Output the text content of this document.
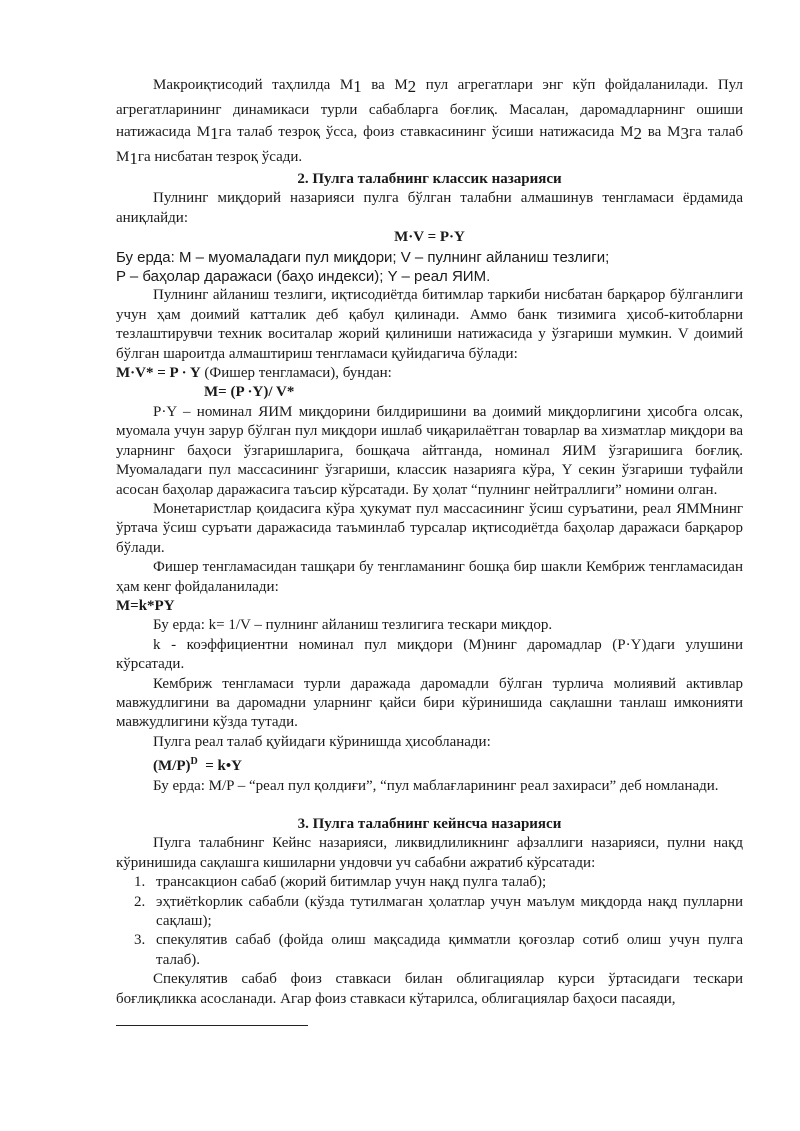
Макроиқтисодий таҳлилда M1 ва M2 пул агрегатлари энг кўп фойдаланилади. Пул агрегатларининг динамикаси турли сабабларга боғлиқ. Масалан, даромадларнинг ошиши натижасида M1га талаб тезроқ ўсса, фоиз ставкасининг ўсиши натижасида M2 ва M3га талаб M1га нисбатан тезроқ ўсади.

2. Пулга талабнинг классик назарияси

Пулнинг миқдорий назарияси пулга бўлган талабни алмашинув тенгламаси ёрдамида аниқлайди:

M·V = P·Y

Бу ерда: M – муомаладаги пул миқдори; V – пулнинг айланиш тезлиги;

P – баҳолар даражаси (баҳо индекси); Y – реал ЯИМ.

Пулнинг айланиш тезлиги, иқтисодиётда битимлар таркиби нисбатан барқарор бўлганлиги учун ҳам доимий катталик деб қабул қилинади. Аммо банк тизимига ҳисоб-китобларни тезлаштирувчи техник воситалар жорий қилиниши натижасида у ўзгариши мумкин. V доимий бўлган шароитда алмаштириш тенгламаси қуйидагича бўлади:

M·V* = P · Y (Фишер тенгламаси), бундан:

M= (P ·Y)/ V*

P·Y – номинал ЯИМ миқдорини билдиришини ва доимий миқдорлигини ҳисобга олсак, муомала учун зарур бўлган пул миқдори ишлаб чиқарилаётган товарлар ва хизматлар миқдори ва уларнинг баҳоси ўзгаришларига, бошқача айтганда, номинал ЯИМ ўзгаришига боғлиқ. Муомаладаги пул массасининг ўзгариши, классик назарияга кўра, Y секин ўзгариши туфайли асосан баҳолар даражасига таъсир кўрсатади. Бу ҳолат “пулнинг нейтраллиги” номини олган.

Монетаристлар қоидасига кўра ҳукумат пул массасининг ўсиш суръатини, реал ЯММнинг ўртача ўсиш суръати даражасида таъминлаб турсалар иқтисодиётда баҳолар даражаси барқарор бўлади.

Фишер тенгламасидан ташқари бу тенгламанинг бошқа бир шакли Кембриж тенгламасидан ҳам кенг фойдаланилади:

M=k*PY

Бу ерда: k= 1/V – пулнинг айланиш тезлигига тескари миқдор.

k - коэффициентни номинал пул миқдори (M)нинг даромадлар (P·Y)даги улушини кўрсатади.

Кембриж тенгламаси турли даражада даромадли бўлган турлича молиявий активлар мавжудлигини ва даромадни уларнинг қайси бири кўринишида сақлашни танлаш имконияти мавжудлигини кўзда тутади.

Пулга реал талаб қуйидаги кўринишда ҳисобланади:

$(M/P)^D$  = k•Y

Бу ерда: M/P – “реал пул қолдиғи”, “пул маблағларининг реал захираси” деб номланади.

3. Пулга талабнинг кейнсча назарияси

Пулга талабнинг Кейнс назарияси, ликвидлиликнинг афзаллиги назарияси, пулни нақд кўринишида сақлашга кишиларни ундовчи уч сабабни ажратиб кўрсатади:

1. трансакцион сабаб (жорий битимлар учун нақд пулга талаб);
2. эҳтиётkорлик сабабли (кўзда тутилмаган ҳолатлар учун маълум миқдорда нақд пулларни сақлаш);
3. спекулятив сабаб (фойда олиш мақсадида қимматли қоғозлар сотиб олиш учун пулга талаб).

Спекулятив сабаб фоиз ставкаси билан облигациялар курси ўртасидаги тескари боғлиқликка асосланади. Агар фоиз ставкаси кўтарилса, облигациялар баҳоси пасаяди,
